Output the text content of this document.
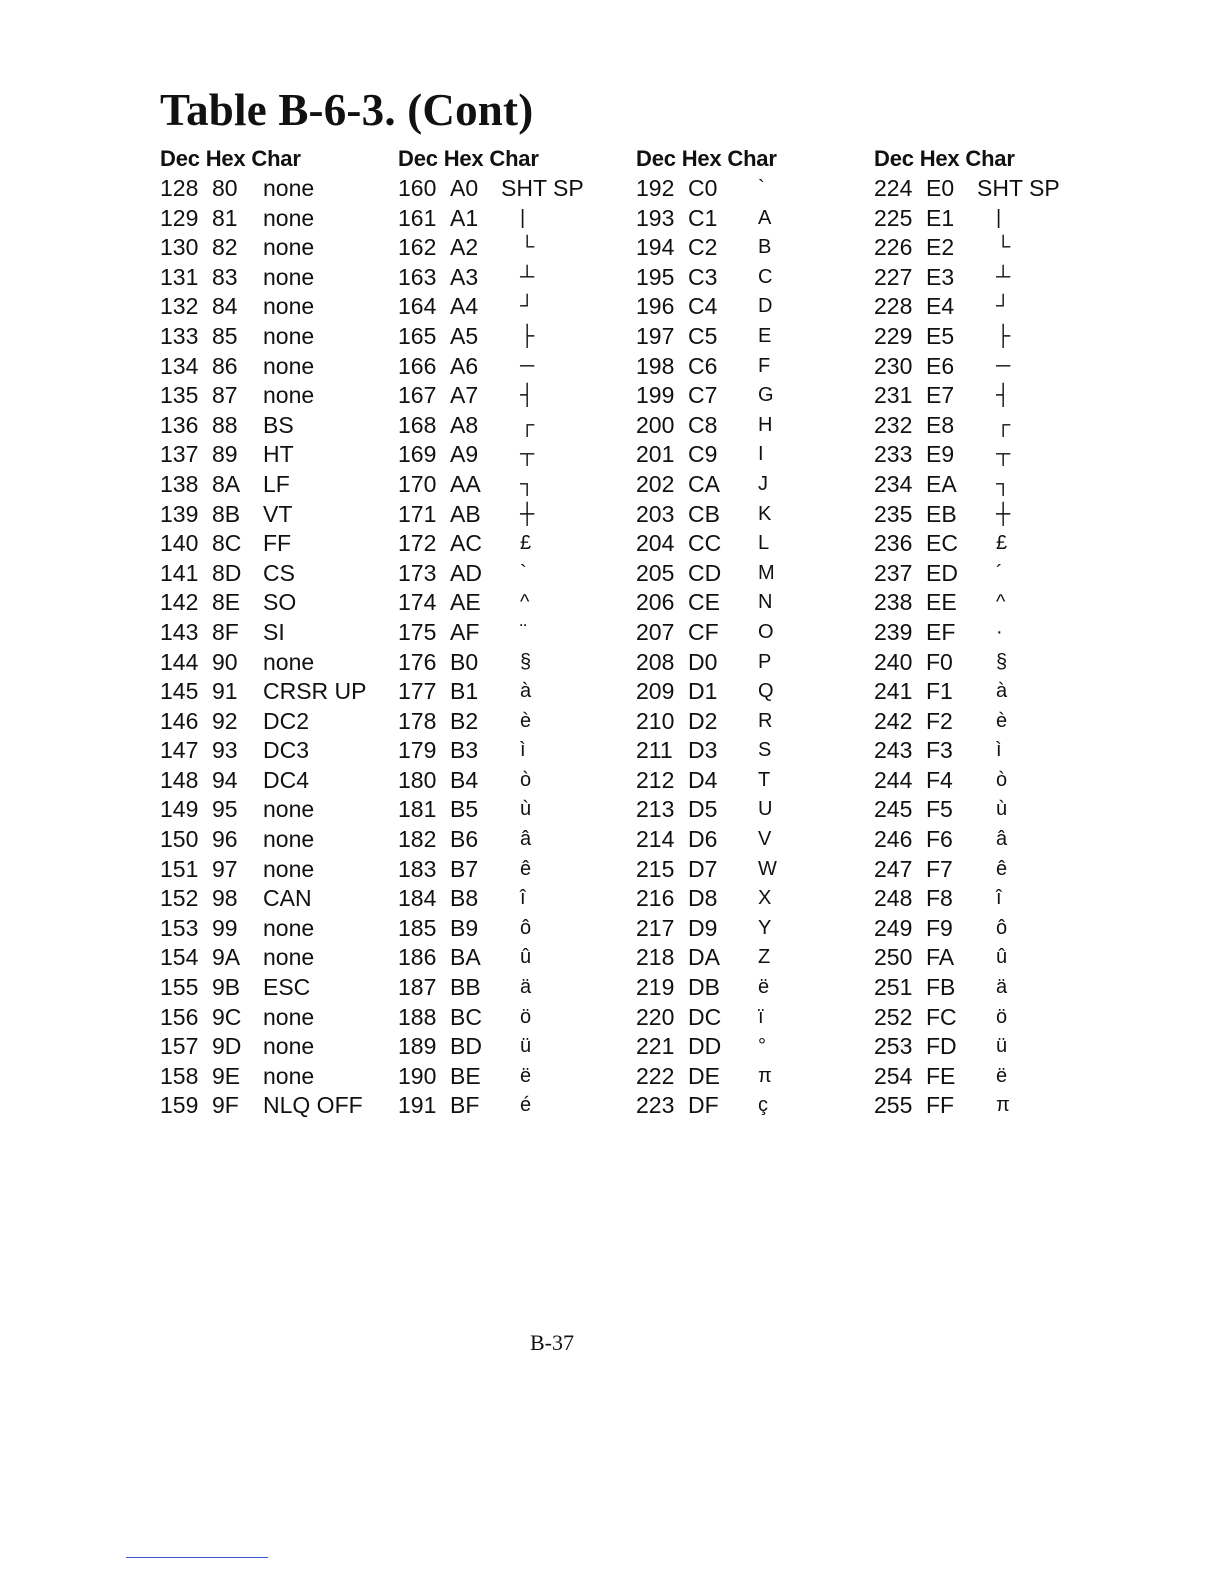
Table B-6-3. (Cont)
Dec Hex Char
128 80 none
129 81 none
130 82 none
131 83 none
132 84 none
133 85 none
134 86 none
135 87 none
136 88 BS
137 89 HT
138 8A LF
139 8B VT
140 8C FF
141 8D CS
142 8E SO
143 8F SI
144 90 none
145 91 CRSR UP
146 92 DC2
147 93 DC3
148 94 DC4
149 95 none
150 96 none
151 97 none
152 98 CAN
153 99 none
154 9A none
155 9B ESC
156 9C none
157 9D none
158 9E none
159 9F NLQ OFF
Dec Hex Char
160 A0 SHT SP
161 A1 |
162 A2 └
163 A3 ┴
164 A4 ┘
165 A5 ├
166 A6 ─
167 A7 ┤
168 A8 ┌
169 A9 ┬
170 AA ┐
171 AB ┼
172 AC £
173 AD `
174 AE ^
175 AF ¨
176 B0 §
177 B1 à
178 B2 è
179 B3 ì
180 B4 ò
181 B5 ù
182 B6 â
183 B7 ê
184 B8 î
185 B9 ô
186 BA û
187 BB ä
188 BC ö
189 BD ü
190 BE ë
191 BF é
Dec Hex Char
192 C0 `
193 C1 A
194 C2 B
195 C3 C
196 C4 D
197 C5 E
198 C6 F
199 C7 G
200 C8 H
201 C9 I
202 CA J
203 CB K
204 CC L
205 CD M
206 CE N
207 CF O
208 D0 P
209 D1 Q
210 D2 R
211 D3 S
212 D4 T
213 D5 U
214 D6 V
215 D7 W
216 D8 X
217 D9 Y
218 DA Z
219 DB ë
220 DC ï
221 DD °
222 DE π
223 DF ç
Dec Hex Char
224 E0 SHT SP
225 E1 |
226 E2 └
227 E3 ┴
228 E4 ┘
229 E5 ├
230 E6 ─
231 E7 ┤
232 E8 ┌
233 E9 ┬
234 EA ┐
235 EB ┼
236 EC £
237 ED ´
238 EE ^
239 EF ·
240 F0 §
241 F1 à
242 F2 è
243 F3 ì
244 F4 ò
245 F5 ù
246 F6 â
247 F7 ê
248 F8 î
249 F9 ô
250 FA û
251 FB ä
252 FC ö
253 FD ü
254 FE ë
255 FF π
B-37
